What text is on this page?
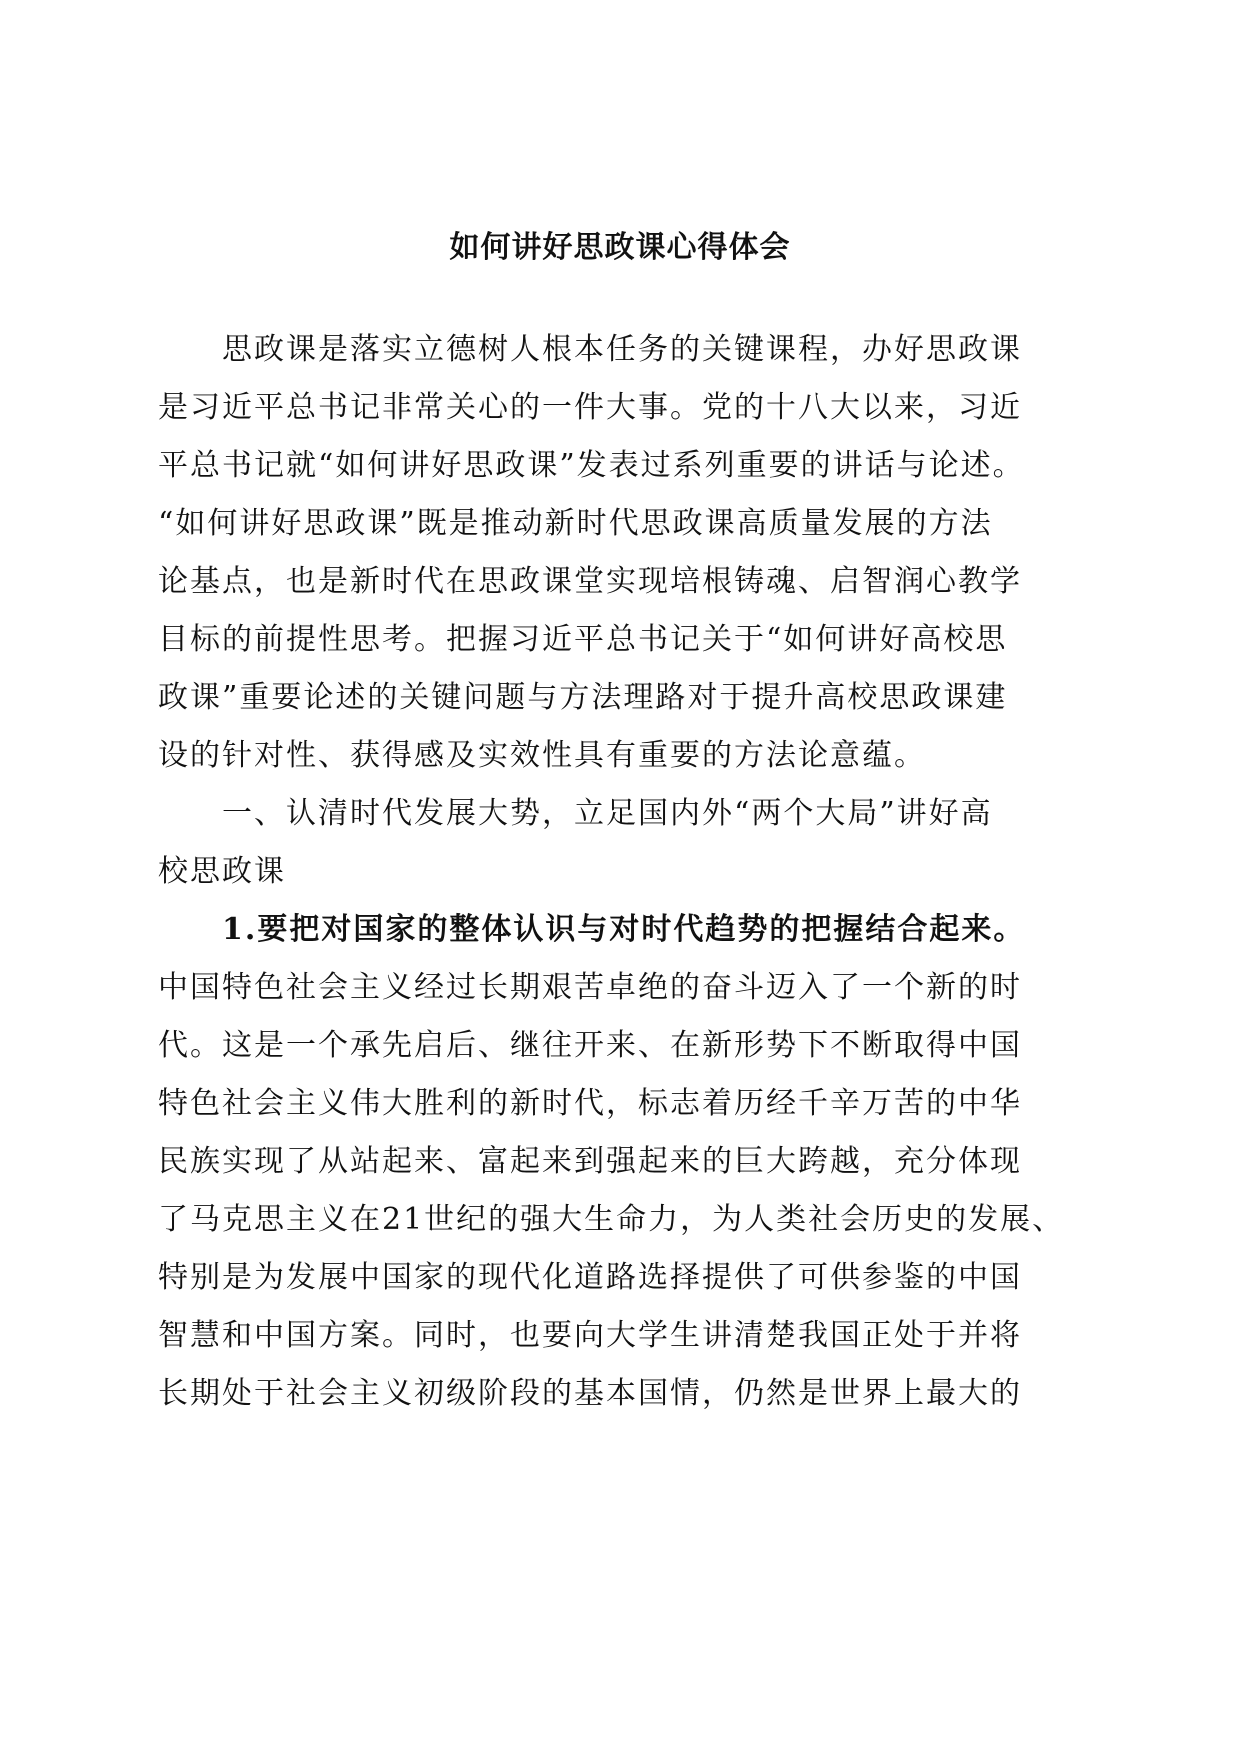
如何讲好思政课心得体会
思政课是落实立德树人根本任务的关键课程，办好思政课
是习近平总书记非常关心的一件大事。党的十八大以来，习近
平总书记就“如何讲好思政课”发表过系列重要的讲话与论述。
“如何讲好思政课”既是推动新时代思政课高质量发展的方法
论基点，也是新时代在思政课堂实现培根铸魂、启智润心教学
目标的前提性思考。把握习近平总书记关于“如何讲好高校思
政课”重要论述的关键问题与方法理路对于提升高校思政课建
设的针对性、获得感及实效性具有重要的方法论意蕴。
一、认清时代发展大势，立足国内外“两个大局”讲好高
校思政课
1.要把对国家的整体认识与对时代趋势的把握结合起来。
中国特色社会主义经过长期艰苦卓绝的奋斗迈入了一个新的时
代。这是一个承先启后、继往开来、在新形势下不断取得中国
特色社会主义伟大胜利的新时代，标志着历经千辛万苦的中华
民族实现了从站起来、富起来到强起来的巨大跨越，充分体现
了马克思主义在21世纪的强大生命力，为人类社会历史的发展、
特别是为发展中国家的现代化道路选择提供了可供参鉴的中国
智慧和中国方案。同时，也要向大学生讲清楚我国正处于并将
长期处于社会主义初级阶段的基本国情，仍然是世界上最大的
